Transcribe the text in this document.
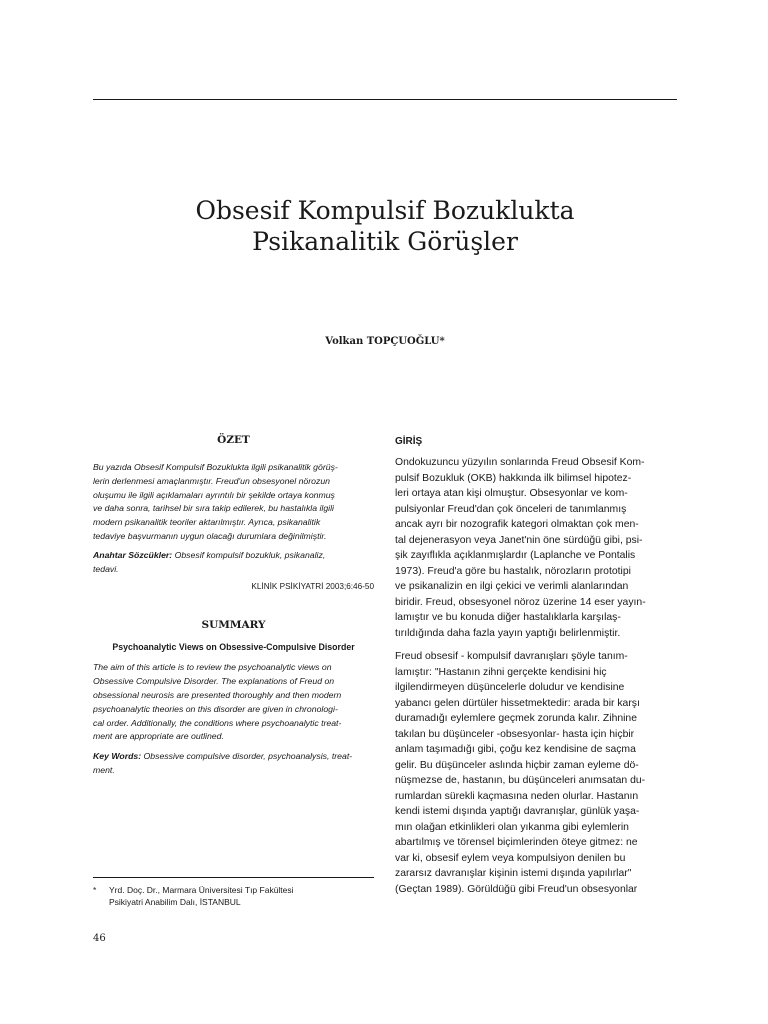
Obsesif Kompulsif Bozuklukta
Psikanalitik Görüşler
Volkan TOPÇUOĞLU*
ÖZET
Bu yazıda Obsesif Kompulsif Bozuklukta ilgili psikanalitik görüş-
lerin derlenmesi amaçlanmıştır. Freud'un obsesyonel nörozun
oluşumu ile ilgili açıklamaları ayrıntılı bir şekilde ortaya konmuş
ve daha sonra, tarihsel bir sıra takip edilerek, bu hastalıkla ilgili
modern psikanalitik teoriler aktarılmıştır. Ayrıca, psikanalitik
tedaviye başvurmanın uygun olacağı durumlara değinilmiştir.
Anahtar Sözcükler: Obsesif kompulsif bozukluk, psikanaliz,
tedavi.
KLİNİK PSİKİYATRİ 2003;6:46-50
SUMMARY
Psychoanalytic Views on Obsessive-Compulsive Disorder
The aim of this article is to review the psychoanalytic views on
Obsessive Compulsive Disorder. The explanations of Freud on
obsessional neurosis are presented thoroughly and then modern
psychoanalytic theories on this disorder are given in chronologi-
cal order. Additionally, the conditions where psychoanalytic treat-
ment are appropriate are outlined.
Key Words: Obsessive compulsive disorder, psychoanalysis, treat-
ment.
GİRİŞ
Ondokuzuncu yüzyılın sonlarında Freud Obsesif Kom-
pulsif Bozukluk (OKB) hakkında ilk bilimsel hipotez-
leri ortaya atan kişi olmuştur. Obsesyonlar ve kom-
pulsiyonlar Freud'dan çok önceleri de tanımlanmış
ancak ayrı bir nozografik kategori olmaktan çok men-
tal dejenerasyon veya Janet'nin öne sürdüğü gibi, psi-
şik zayıflıkla açıklanmışlardır (Laplanche ve Pontalis
1973). Freud'a göre bu hastalık, nörozların prototipi
ve psikanalizin en ilgi çekici ve verimli alanlarından
biridir. Freud, obsesyonel nöroz üzerine 14 eser yayın-
lamıştır ve bu konuda diğer hastalıklarla karşılaş-
tırıldığında daha fazla yayın yaptığı belirlenmiştir.
Freud obsesif - kompulsif davranışları şöyle tanım-
lamıştır: "Hastanın zihni gerçekte kendisini hiç
ilgilendirmeyen düşüncelerle doludur ve kendisine
yabancı gelen dürtüler hissetmektedir: arada bir karşı
duramadığı eylemlere geçmek zorunda kalır. Zihnine
takılan bu düşünceler -obsesyonlar- hasta için hiçbir
anlam taşımadığı gibi, çoğu kez kendisine de saçma
gelir. Bu düşünceler aslında hiçbir zaman eyleme dö-
nüşmezse de, hastanın, bu düşünceleri anımsatan du-
rumlardan sürekli kaçmasına neden olurlar. Hastanın
kendi istemi dışında yaptığı davranışlar, günlük yaşa-
mın olağan etkinlikleri olan yıkanma gibi eylemlerin
abartılmış ve törensel biçimlerinden öteye gitmez: ne
var ki, obsesif eylem veya kompulsiyon denilen bu
zararsız davranışlar kişinin istemi dışında yapılırlar"
(Geçtan 1989). Görüldüğü gibi Freud'un obsesyonlar
* Yrd. Doç. Dr., Marmara Üniversitesi Tıp Fakültesi
Psikiyatri Anabilim Dalı, İSTANBUL
46
